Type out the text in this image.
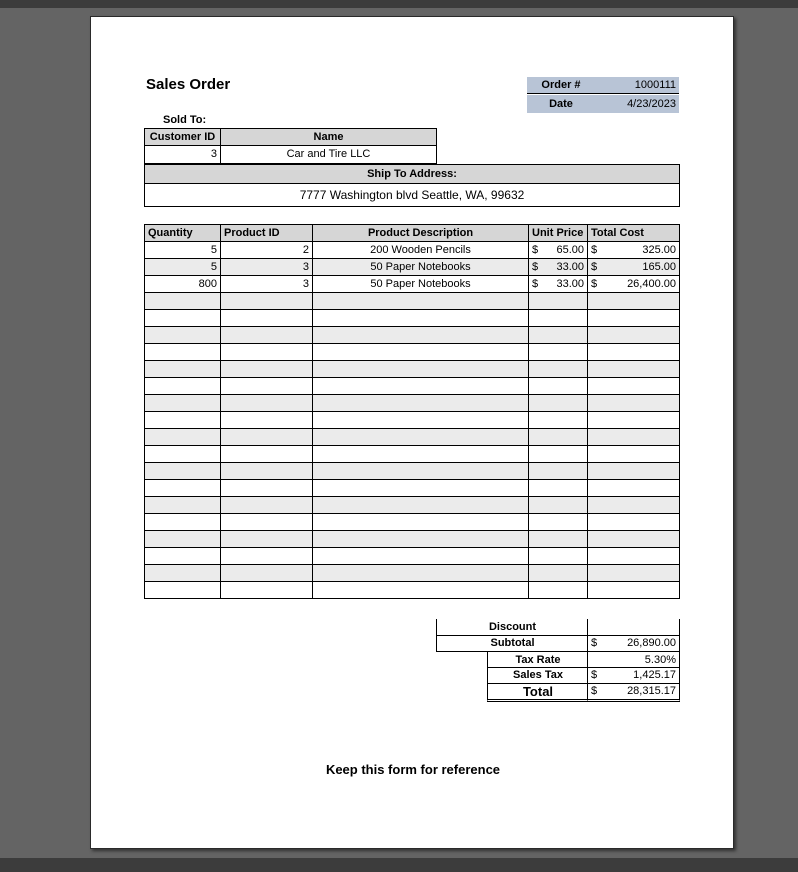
Sales Order	Order #	1000111
Date	4/23/2023
Sold To:
Customer ID	Name
3	Car and Tire LLC
Ship To Address:
7777 Washington blvd Seattle, WA, 99632
Quantity	Product ID	Product Description	Unit Price	Total Cost
5	2	200 Wooden Pencils	$ 65.00	$ 325.00

5	3	50 Paper Notebooks	$ 33.00	$ 165.00

800	3	50 Paper Notebooks	$ 33.00	$ 26,400.00

Discount
Subtotal	$	26,890.00
Tax Rate	5.30%
Sales Tax	$	1,425.17
Total	$	28,315.17
Keep this form for reference
